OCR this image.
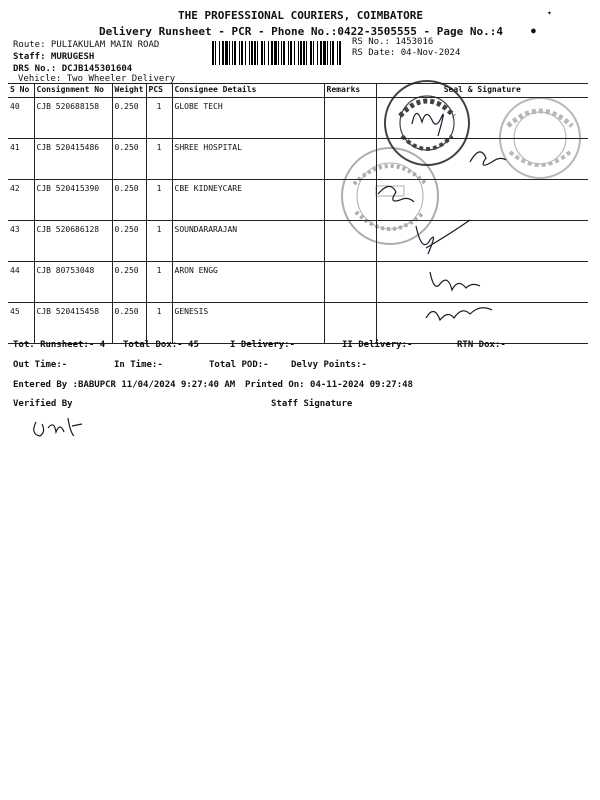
THE PROFESSIONAL COURIERS, COIMBATORE
Delivery Runsheet - PCR - Phone No.:0422-3505555 - Page No.:4
Route: PULIAKULAM MAIN ROAD
Staff: MURUGESH
DRS No.: DCJB145301604
Vehicle: Two Wheeler Delivery
RS No.: 1453016
RS Date: 04-Nov-2024
S No	Consignment No	Weight	PCS	Consignee Details	Remarks	Seal & Signature
40	CJB 520688158	0.250	1	GLOBE TECH		
41	CJB 520415486	0.250	1	SHREE HOSPITAL		
42	CJB 520415390	0.250	1	CBE KIDNEYCARE		
43	CJB 520686128	0.250	1	SOUNDARARAJAN		
44	CJB 80753048	0.250	1	ARON ENGG		
45	CJB 520415458	0.250	1	GENESIS		
Tot. Runsheet:- 4 Total Dox:- 45	I Delivery:-	II Delivery:-	RTN Dox:-
Out Time:-	In Time:-	Total POD:- Delvy Points:-
Entered By :BABUPCR 11/04/2024 9:27:40 AM Printed On: 04-11-2024 09:27:48
Verified By	Staff Signature
✦
●
